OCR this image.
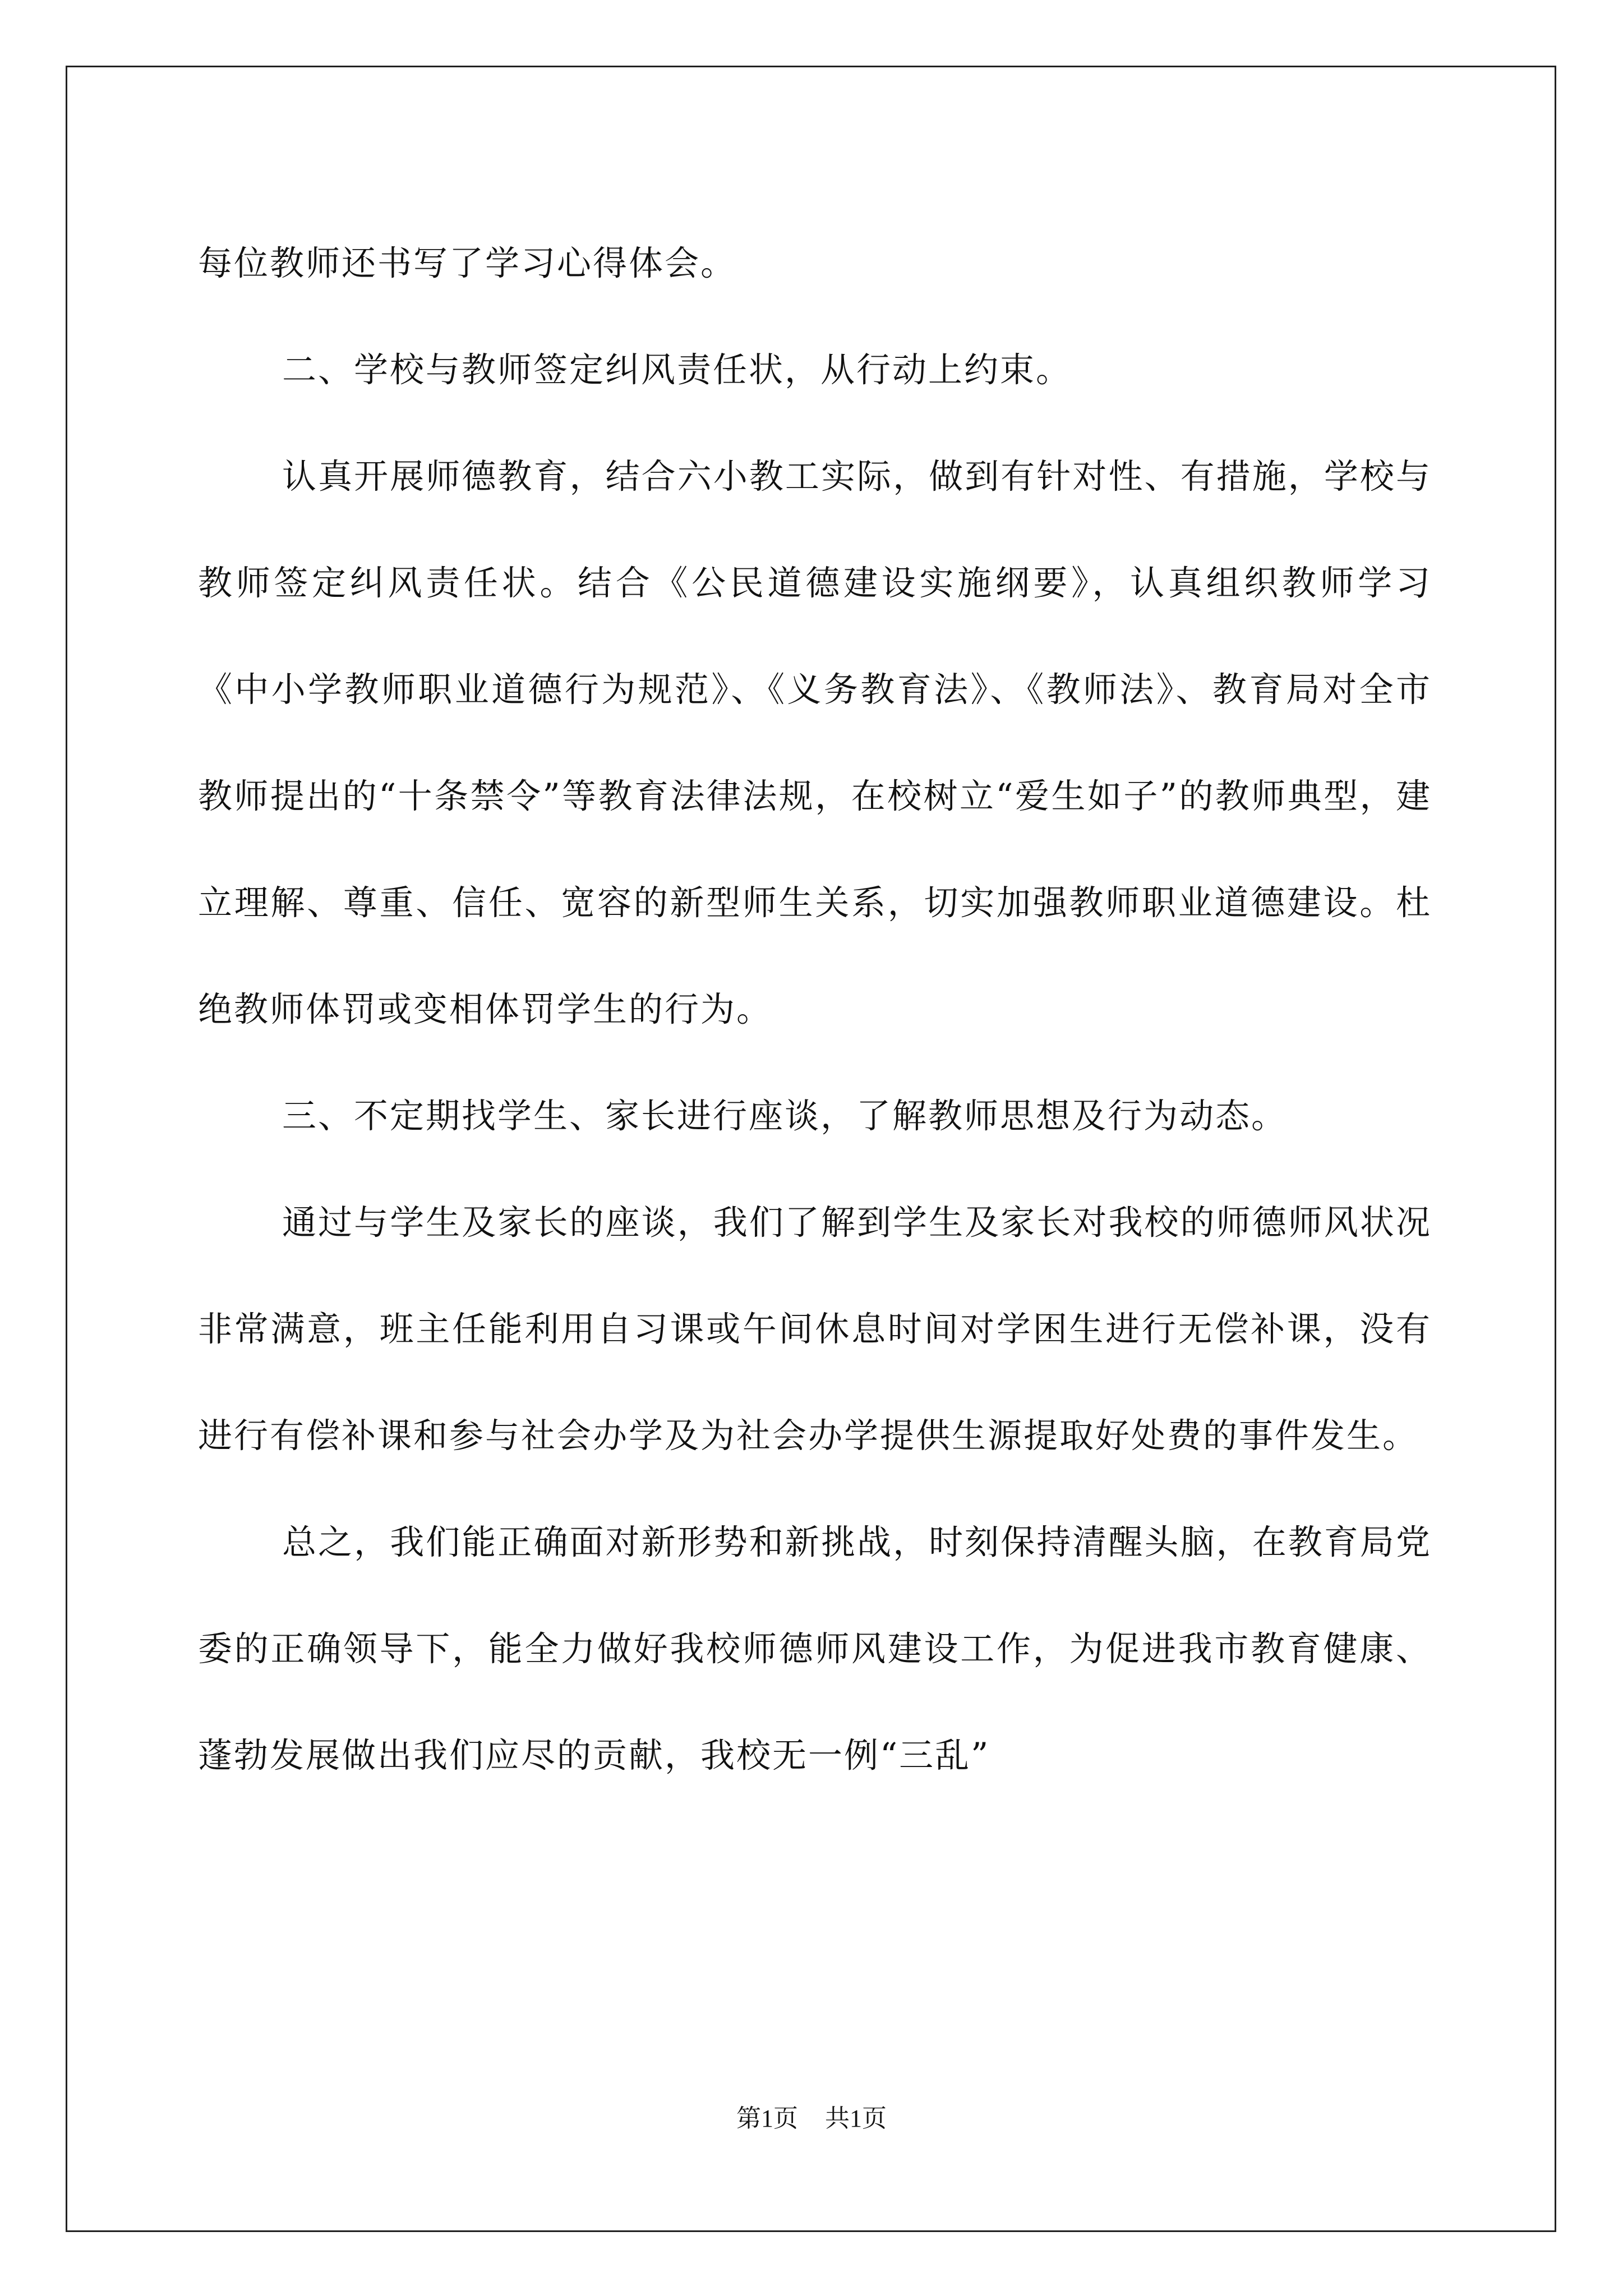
每位教师还书写了学习心得体会。

二、学校与教师签定纠风责任状，从行动上约束。

认真开展师德教育，结合六小教工实际，做到有针对性、有措施，学校与教师签定纠风责任状。结合《公民道德建设实施纲要》，认真组织教师学习《中小学教师职业道德行为规范》、《义务教育法》、《教师法》、教育局对全市教师提出的“十条禁令”等教育法律法规，在校树立“爱生如子”的教师典型，建立理解、尊重、信任、宽容的新型师生关系，切实加强教师职业道德建设。杜绝教师体罚或变相体罚学生的行为。

三、不定期找学生、家长进行座谈，了解教师思想及行为动态。

通过与学生及家长的座谈，我们了解到学生及家长对我校的师德师风状况非常满意，班主任能利用自习课或午间休息时间对学困生进行无偿补课，没有进行有偿补课和参与社会办学及为社会办学提供生源提取好处费的事件发生。

总之，我们能正确面对新形势和新挑战，时刻保持清醒头脑，在教育局党委的正确领导下，能全力做好我校师德师风建设工作，为促进我市教育健康、蓬勃发展做出我们应尽的贡献，我校无一例“三乱”

第1页 共1页
